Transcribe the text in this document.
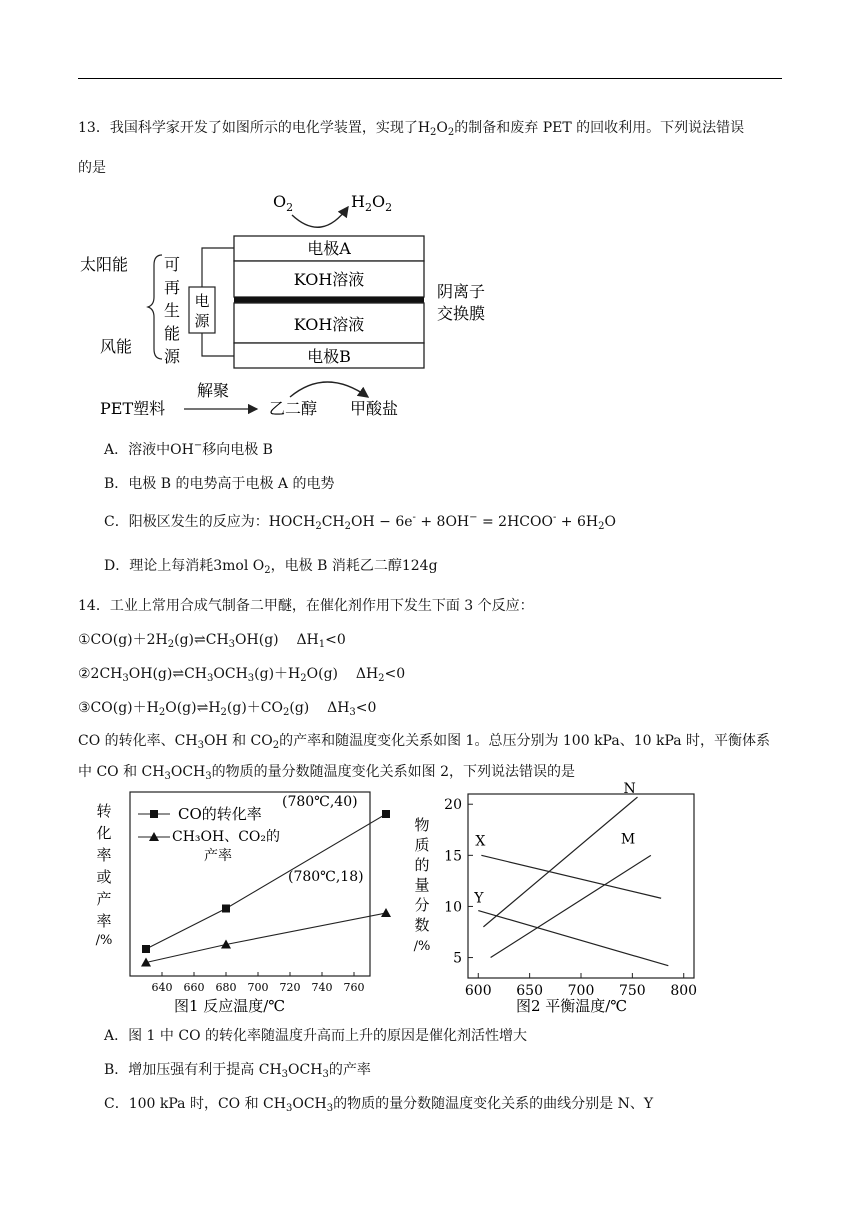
13．我国科学家开发了如图所示的电化学装置，实现了$H_2O_2$的制备和废弃 PET 的回收利用。下列说法错误
的是
$O_2$	$H_2O_2$
电极A
KOH溶液
KOH溶液
电极B
电
源
可
再
生
能
源
太阳能
风能
阴离子
交换膜
PET塑料
解聚
乙二醇 甲酸盐
A．溶液中OH−移向电极 B
B．电极 B 的电势高于电极 A 的电势
C．阳极区发生的反应为：$HOCH_2CH_2OH - 6e^- + 8OH^-$ = 2HCOO- + $6H_2O$
D．理论上每消耗3mol $O_2$，电极 B 消耗乙二醇124g
14．工业上常用合成气制备二甲醚，在催化剂作用下发生下面 3 个反应：
$①CO(g)+2H_2(g)\rightleftharpoons CH_3OH(g)$ $\Delta H_1<0$
$②2CH_3OH(g)\rightleftharpoons CH_3OCH_3(g)+H_2O(g)$ $\Delta H_2<0$
$③CO(g)+H_2O(g)\rightleftharpoons H_2(g)+CO_2(g)$ $\Delta H_3<0$
CO 的转化率、$CH_3OH$ 和 $CO_2$的产率和随温度变化关系如图 1。总压分别为 100 kPa、10 kPa 时，平衡体系
中 CO 和 $CH_3OCH_3$的物质的量分数随温度变化关系如图 2，下列说法错误的是
转
化
率
或
产
率
/%
640 660 680 700 720 740 760
CO的转化率
CH₃OH、CO₂的
产率
(780℃,40)
(780℃,18)
图1 反应温度/℃
物
质
的
量
分
数
/%
600 650 700 750 800
5
10
15
20
N
X	M
Y
图2 平衡温度/℃
A．图 1 中 CO 的转化率随温度升高而上升的原因是催化剂活性增大
B．增加压强有利于提高 $CH_3OCH_3$的产率
C．100 kPa 时，CO 和 $CH_3OCH_3$的物质的量分数随温度变化关系的曲线分别是 N、Y
